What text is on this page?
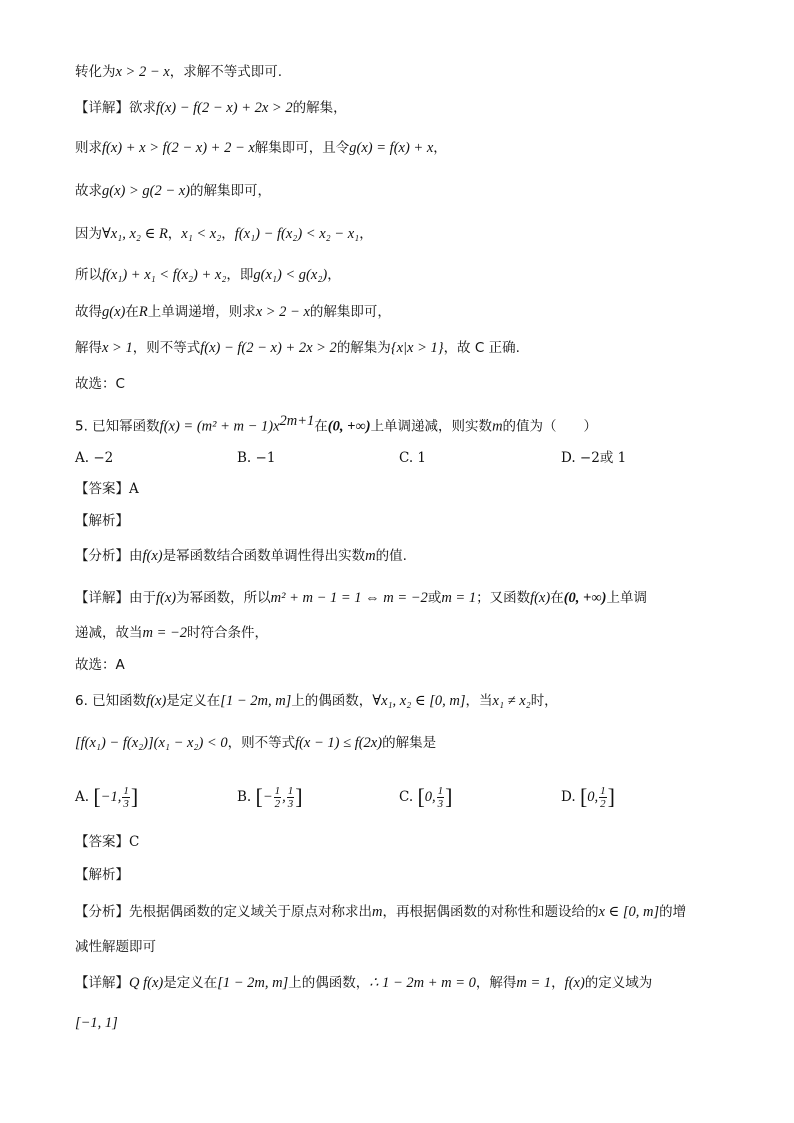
转化为x > 2 − x，求解不等式即可.
【详解】欲求f(x) − f(2 − x) + 2x > 2的解集，
则求f(x) + x > f(2 − x) + 2 − x解集即可，且令g(x) = f(x) + x，
故求g(x) > g(2 − x)的解集即可，
因为∀x₁, x₂ ∈ R，x₁ < x₂，f(x₁) − f(x₂) < x₂ − x₁，
所以f(x₁) + x₁ < f(x₂) + x₂，即g(x₁) < g(x₂)，
故得g(x)在R上单调递增，则求x > 2 − x的解集即可，
解得x > 1，则不等式f(x) − f(2 − x) + 2x > 2的解集为{x|x > 1}，故 C 正确.
故选：C
5. 已知幂函数$f(x) = (m^2 + m - 1)x^{2m+1}$在(0, +∞)上单调递减，则实数m的值为（　　）
A. −2	B. −1	C. 1	D. −2或 1
【答案】A
【解析】
【分析】由f(x)是幂函数结合函数单调性得出实数m的值.
【详解】由于f(x)为幂函数，所以m² + m − 1 = 1 ⇔ m = −2或m = 1；又函数f(x)在(0, +∞)上单调
递减，故当m = −2时符合条件，
故选：A
6. 已知函数f(x)是定义在[1 − 2m, m]上的偶函数，∀x₁, x₂ ∈ [0, m]，当x₁ ≠ x₂时，
[f(x₁) − f(x₂)](x₁ − x₂) < 0，则不等式f(x − 1) ≤ f(2x)的解集是
A. [−1, $\frac{1}{3}$ ]	B. [− $\frac{1}{2}$ , $\frac{1}{3}$ ]	C. [0, $\frac{1}{3}$ ]	D. [0, $\frac{1}{2}$ ]
【答案】C
【解析】
【分析】先根据偶函数的定义域关于原点对称求出m，再根据偶函数的对称性和题设给的x ∈ [0, m]的增
减性解题即可
【详解】Q f(x)是定义在[1 − 2m, m]上的偶函数，∴ 1 − 2m + m = 0，解得m = 1，f(x)的定义域为
[−1, 1]
